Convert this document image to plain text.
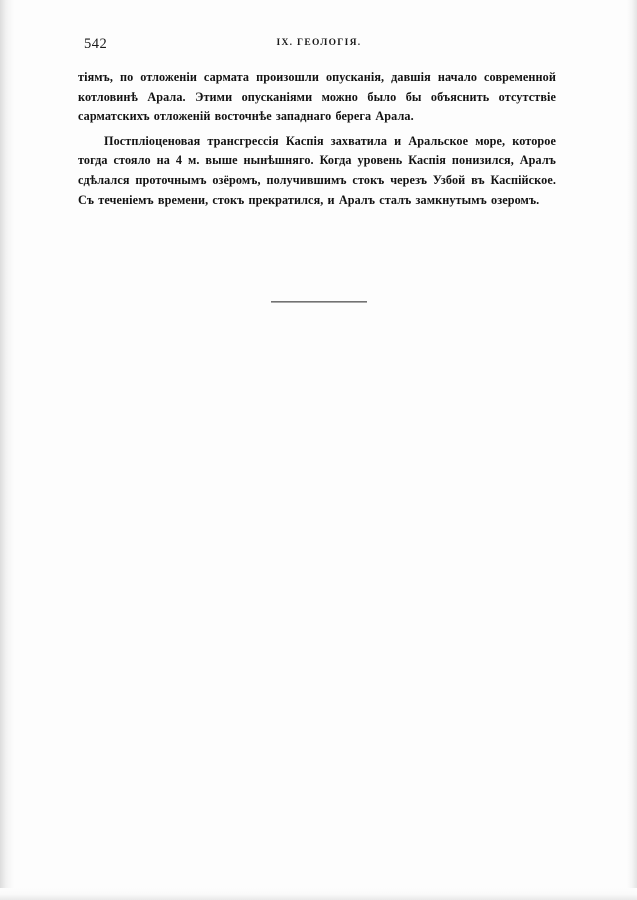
542	IX. ГЕОЛОГІЯ.

тіямъ, по отложеніи сармата произошли опусканія, давшія начало современной котловинѣ Арала. Этими опусканіями можно было бы объяснить отсутствіе сарматскихъ отложеній восточнѣе западнаго берега Арала.

Постпліоценовая трансгрессія Каспія захватила и Аральское море, которое тогда стояло на 4 м. выше нынѣшняго. Когда уровень Каспія понизился, Аралъ сдѣлался проточнымъ озёромъ, получившимъ стокъ черезъ Узбой въ Каспійское. Съ теченіемъ времени, стокъ прекратился, и Аралъ сталъ замкнутымъ озеромъ.
